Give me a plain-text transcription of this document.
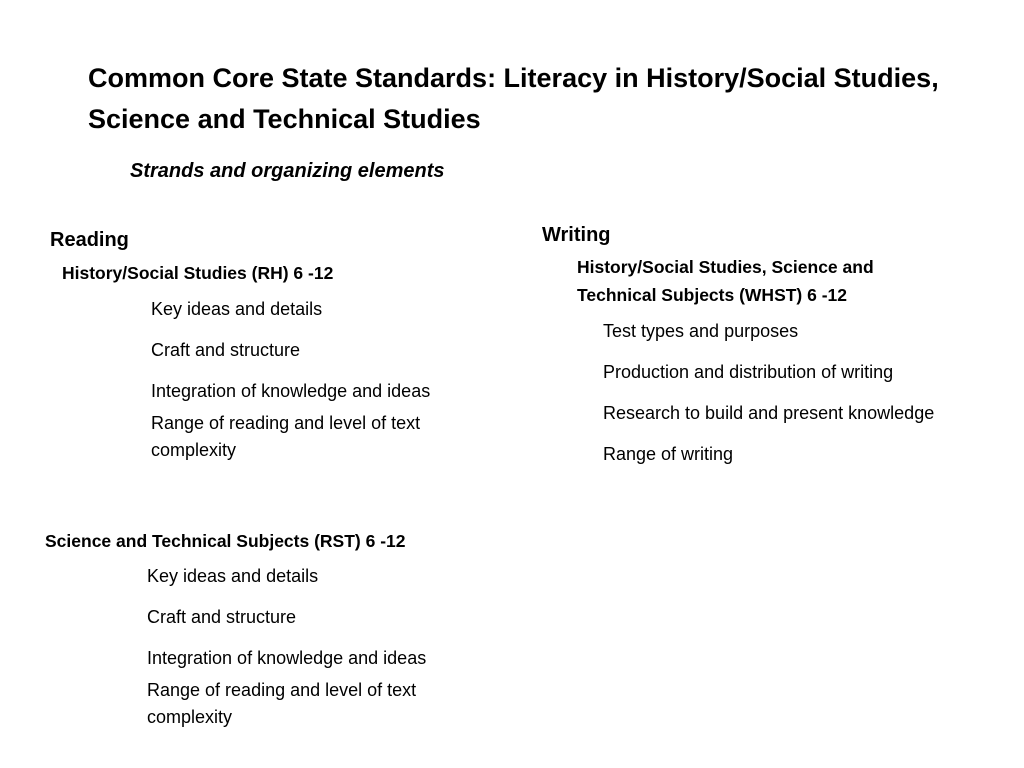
Common Core State Standards: Literacy in History/Social Studies, Science and Technical Studies
Strands and organizing elements
Reading
History/Social Studies (RH) 6 -12
Key ideas and details
Craft and structure
Integration of knowledge and ideas
Range of reading and level of text complexity
Science and Technical Subjects (RST) 6 -12
Key ideas and details
Craft and structure
Integration of knowledge and ideas
Range of reading and level of text complexity
Writing
History/Social Studies, Science and Technical Subjects (WHST) 6 -12
Test types and purposes
Production and distribution of writing
Research to build and present knowledge
Range of writing
